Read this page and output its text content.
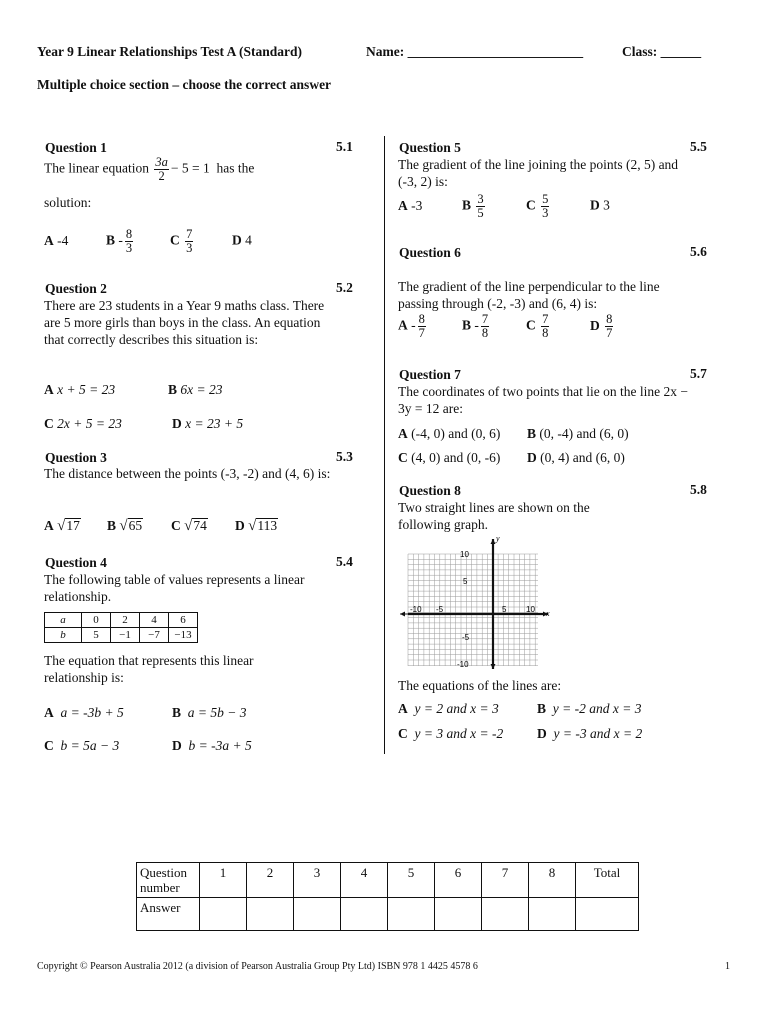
Year 9 Linear Relationships Test A (Standard)	Name: __________________________	Class: ______
Multiple choice section – choose the correct answer
Question 1	5.1
The linear equation $\frac{3a}{2} - 5 = 1$ has the
solution:
A -4	B - $\frac{8}{3}$	C $\frac{7}{3}$	D 4
Question 2	5.2
There are 23 students in a Year 9 maths class. There are 5 more girls than boys in the class. An equation that correctly describes this situation is:
A x + 5 = 23	B 6x = 23
C 2x + 5 = 23	D x = 23 + 5
Question 3	5.3
The distance between the points (-3, -2) and (4, 6) is:
A √17 B √65 C √74 D √113
Question 4	5.4
The following table of values represents a linear relationship.
a	0	2	4	6
b	5	−1	−7	−13
The equation that represents this linear relationship is:
A a = -3b + 5	B a = 5b − 3
C b = 5a − 3	D b = -3a + 5
Question 5	5.5
The gradient of the line joining the points (2, 5) and (-3, 2) is:
A -3	B $\frac{3}{5}$	C $\frac{5}{3}$	D 3
Question 6	5.6
The gradient of the line perpendicular to the line passing through (-2, -3) and (6, 4) is:
A - $\frac{8}{7}$	B - $\frac{7}{8}$	C $\frac{7}{8}$	D $\frac{8}{7}$
Question 7	5.7
The coordinates of two points that lie on the line 2x − 3y = 12 are:
A (-4, 0) and (0, 6) B (0, -4) and (6, 0)
C (4, 0) and (0, -6) D (0, 4) and (6, 0)
Question 8	5.8
Two straight lines are shown on the following graph.
y
x
10
5
-5
-10
-10 -5	5 10
The equations of the lines are:
A y = 2 and x = 3	B y = -2 and x = 3
C y = 3 and x = -2	D y = -3 and x = 2
Question number	1	2	3	4	5	6	7	8	Total
Answer									
Copyright © Pearson Australia 2012 (a division of Pearson Australia Group Pty Ltd) ISBN 978 1 4425 4578 6	1
